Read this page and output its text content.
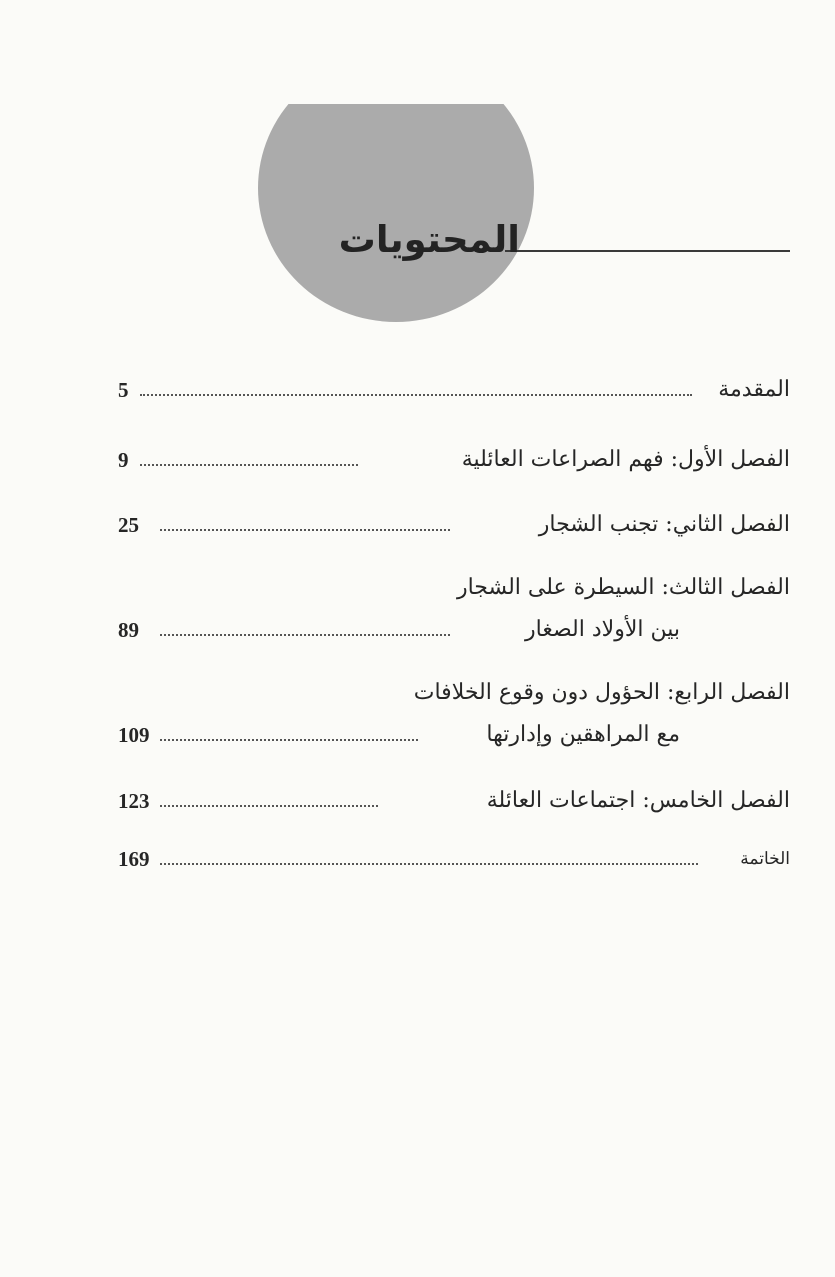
المحتويات
5	المقدمة
9	الفصل الأول: فهم الصراعات العائلية
25	الفصل الثاني: تجنب الشجار
الفصل الثالث: السيطرة على الشجار
89	بين الأولاد الصغار
الفصل الرابع: الحؤول دون وقوع الخلافات
109	مع المراهقين وإدارتها
123	الفصل الخامس: اجتماعات العائلة
169	الخاتمة
